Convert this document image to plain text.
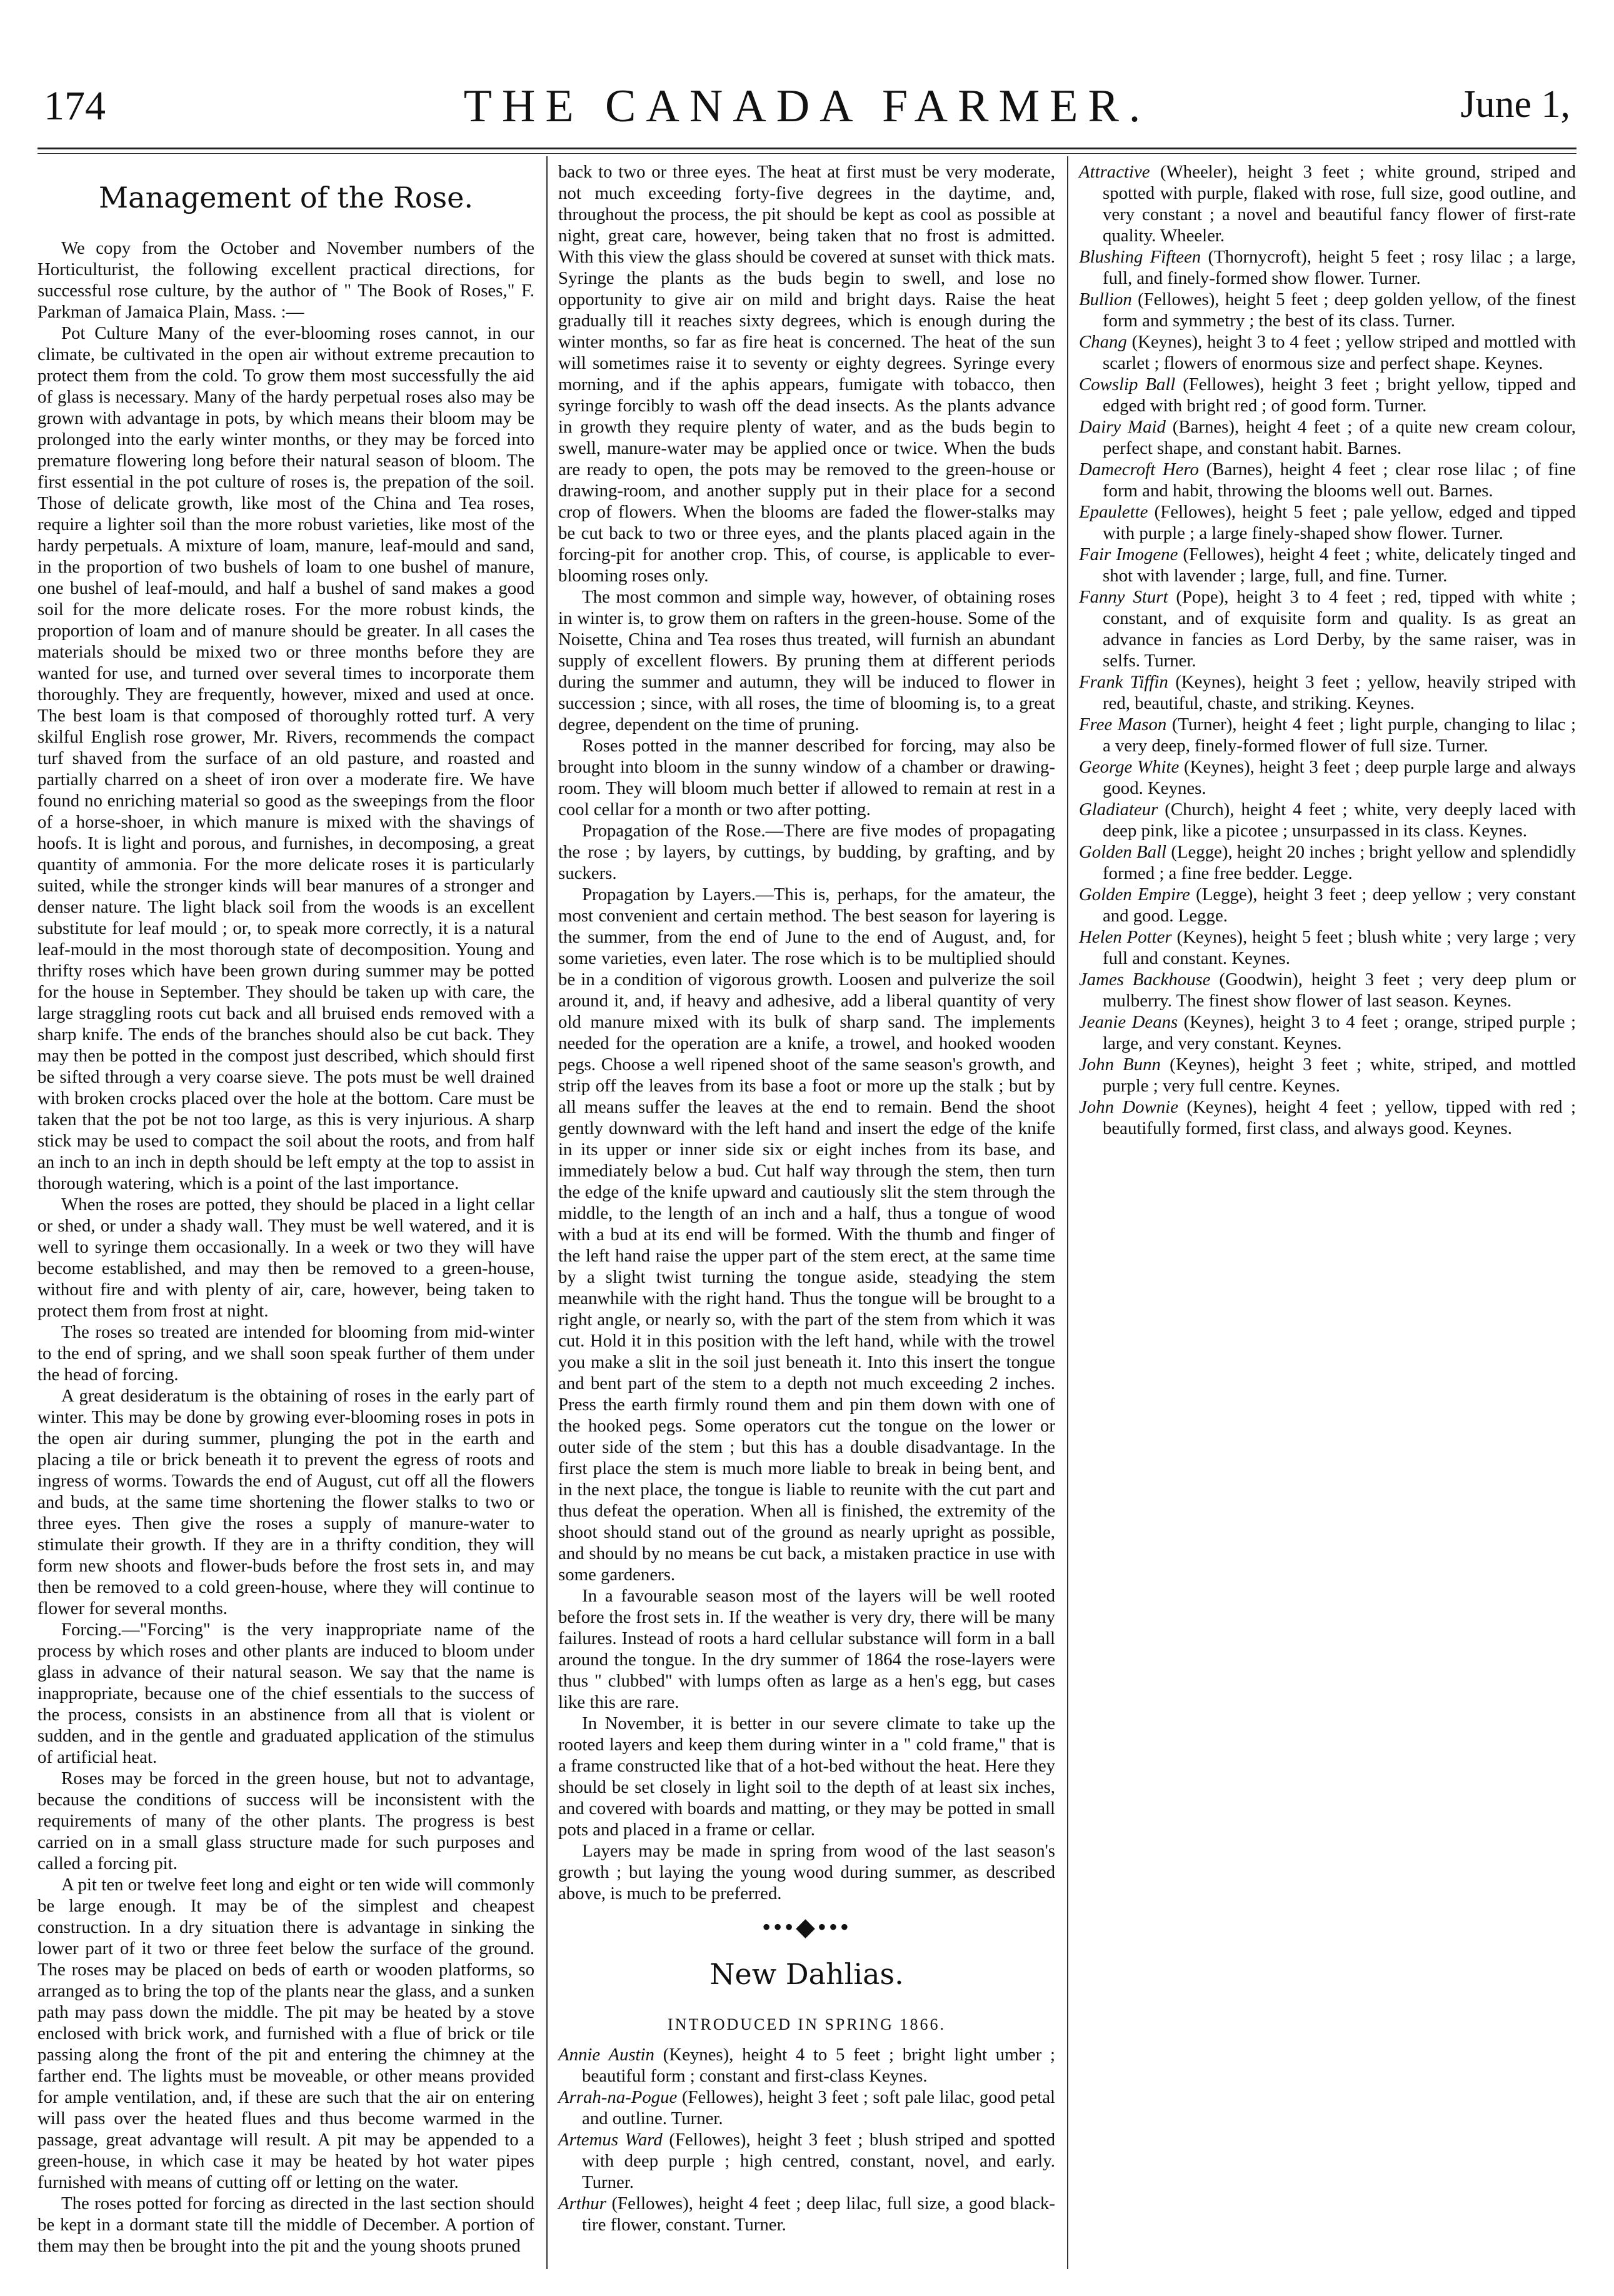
174	THE CANADA FARMER.	June 1,
Management of the Rose.

We copy from the October and November numbers of the Horticulturist, the following excellent practical directions, for successful rose culture, by the author of " The Book of Roses," F. Parkman of Jamaica Plain, Mass. :—

Pot Culture Many of the ever-blooming roses cannot, in our climate, be cultivated in the open air without extreme precaution to protect them from the cold. To grow them most successfully the aid of glass is necessary. Many of the hardy perpetual roses also may be grown with advantage in pots, by which means their bloom may be prolonged into the early winter months, or they may be forced into premature flowering long before their natural season of bloom. The first essential in the pot culture of roses is, the prepation of the soil. Those of delicate growth, like most of the China and Tea roses, require a lighter soil than the more robust varieties, like most of the hardy perpetuals. A mixture of loam, manure, leaf-mould and sand, in the proportion of two bushels of loam to one bushel of manure, one bushel of leaf-mould, and half a bushel of sand makes a good soil for the more delicate roses. For the more robust kinds, the proportion of loam and of manure should be greater. In all cases the materials should be mixed two or three months before they are wanted for use, and turned over several times to incorporate them thoroughly. They are frequently, however, mixed and used at once. The best loam is that composed of thoroughly rotted turf. A very skilful English rose grower, Mr. Rivers, recommends the compact turf shaved from the surface of an old pasture, and roasted and partially charred on a sheet of iron over a moderate fire. We have found no enriching material so good as the sweepings from the floor of a horse-shoer, in which manure is mixed with the shavings of hoofs. It is light and porous, and furnishes, in decomposing, a great quantity of ammonia. For the more delicate roses it is particularly suited, while the stronger kinds will bear manures of a stronger and denser nature. The light black soil from the woods is an excellent substitute for leaf mould ; or, to speak more correctly, it is a natural leaf-mould in the most thorough state of decomposition. Young and thrifty roses which have been grown during summer may be potted for the house in September. They should be taken up with care, the large straggling roots cut back and all bruised ends removed with a sharp knife. The ends of the branches should also be cut back. They may then be potted in the compost just described, which should first be sifted through a very coarse sieve. The pots must be well drained with broken crocks placed over the hole at the bottom. Care must be taken that the pot be not too large, as this is very injurious. A sharp stick may be used to compact the soil about the roots, and from half an inch to an inch in depth should be left empty at the top to assist in thorough watering, which is a point of the last importance.

When the roses are potted, they should be placed in a light cellar or shed, or under a shady wall. They must be well watered, and it is well to syringe them occasionally. In a week or two they will have become established, and may then be removed to a green-house, without fire and with plenty of air, care, however, being taken to protect them from frost at night.

The roses so treated are intended for blooming from mid-winter to the end of spring, and we shall soon speak further of them under the head of forcing.

A great desideratum is the obtaining of roses in the early part of winter. This may be done by growing ever-blooming roses in pots in the open air during summer, plunging the pot in the earth and placing a tile or brick beneath it to prevent the egress of roots and ingress of worms. Towards the end of August, cut off all the flowers and buds, at the same time shortening the flower stalks to two or three eyes. Then give the roses a supply of manure-water to stimulate their growth. If they are in a thrifty condition, they will form new shoots and flower-buds before the frost sets in, and may then be removed to a cold green-house, where they will continue to flower for several months.

Forcing.—"Forcing" is the very inappropriate name of the process by which roses and other plants are induced to bloom under glass in advance of their natural season. We say that the name is inappropriate, because one of the chief essentials to the success of the process, consists in an abstinence from all that is violent or sudden, and in the gentle and graduated application of the stimulus of artificial heat.

Roses may be forced in the green house, but not to advantage, because the conditions of success will be inconsistent with the requirements of many of the other plants. The progress is best carried on in a small glass structure made for such purposes and called a forcing pit.

A pit ten or twelve feet long and eight or ten wide will commonly be large enough. It may be of the simplest and cheapest construction. In a dry situation there is advantage in sinking the lower part of it two or three feet below the surface of the ground. The roses may be placed on beds of earth or wooden platforms, so arranged as to bring the top of the plants near the glass, and a sunken path may pass down the middle. The pit may be heated by a stove enclosed with brick work, and furnished with a flue of brick or tile passing along the front of the pit and entering the chimney at the farther end. The lights must be moveable, or other means provided for ample ventilation, and, if these are such that the air on entering will pass over the heated flues and thus become warmed in the passage, great advantage will result. A pit may be appended to a green-house, in which case it may be heated by hot water pipes furnished with means of cutting off or letting on the water.

The roses potted for forcing as directed in the last section should be kept in a dormant state till the middle of December. A portion of them may then be brought into the pit and the young shoots pruned

back to two or three eyes. The heat at first must be very moderate, not much exceeding forty-five degrees in the daytime, and, throughout the process, the pit should be kept as cool as possible at night, great care, however, being taken that no frost is admitted. With this view the glass should be covered at sunset with thick mats. Syringe the plants as the buds begin to swell, and lose no opportunity to give air on mild and bright days. Raise the heat gradually till it reaches sixty degrees, which is enough during the winter months, so far as fire heat is concerned. The heat of the sun will sometimes raise it to seventy or eighty degrees. Syringe every morning, and if the aphis appears, fumigate with tobacco, then syringe forcibly to wash off the dead insects. As the plants advance in growth they require plenty of water, and as the buds begin to swell, manure-water may be applied once or twice. When the buds are ready to open, the pots may be removed to the green-house or drawing-room, and another supply put in their place for a second crop of flowers. When the blooms are faded the flower-stalks may be cut back to two or three eyes, and the plants placed again in the forcing-pit for another crop. This, of course, is applicable to ever-blooming roses only.

The most common and simple way, however, of obtaining roses in winter is, to grow them on rafters in the green-house. Some of the Noisette, China and Tea roses thus treated, will furnish an abundant supply of excellent flowers. By pruning them at different periods during the summer and autumn, they will be induced to flower in succession ; since, with all roses, the time of blooming is, to a great degree, dependent on the time of pruning.

Roses potted in the manner described for forcing, may also be brought into bloom in the sunny window of a chamber or drawing-room. They will bloom much better if allowed to remain at rest in a cool cellar for a month or two after potting.

Propagation of the Rose.—There are five modes of propagating the rose ; by layers, by cuttings, by budding, by grafting, and by suckers.

Propagation by Layers.—This is, perhaps, for the amateur, the most convenient and certain method. The best season for layering is the summer, from the end of June to the end of August, and, for some varieties, even later. The rose which is to be multiplied should be in a condition of vigorous growth. Loosen and pulverize the soil around it, and, if heavy and adhesive, add a liberal quantity of very old manure mixed with its bulk of sharp sand. The implements needed for the operation are a knife, a trowel, and hooked wooden pegs. Choose a well ripened shoot of the same season's growth, and strip off the leaves from its base a foot or more up the stalk ; but by all means suffer the leaves at the end to remain. Bend the shoot gently downward with the left hand and insert the edge of the knife in its upper or inner side six or eight inches from its base, and immediately below a bud. Cut half way through the stem, then turn the edge of the knife upward and cautiously slit the stem through the middle, to the length of an inch and a half, thus a tongue of wood with a bud at its end will be formed. With the thumb and finger of the left hand raise the upper part of the stem erect, at the same time by a slight twist turning the tongue aside, steadying the stem meanwhile with the right hand. Thus the tongue will be brought to a right angle, or nearly so, with the part of the stem from which it was cut. Hold it in this position with the left hand, while with the trowel you make a slit in the soil just beneath it. Into this insert the tongue and bent part of the stem to a depth not much exceeding 2 inches. Press the earth firmly round them and pin them down with one of the hooked pegs. Some operators cut the tongue on the lower or outer side of the stem ; but this has a double disadvantage. In the first place the stem is much more liable to break in being bent, and in the next place, the tongue is liable to reunite with the cut part and thus defeat the operation. When all is finished, the extremity of the shoot should stand out of the ground as nearly upright as possible, and should by no means be cut back, a mistaken practice in use with some gardeners.

In a favourable season most of the layers will be well rooted before the frost sets in. If the weather is very dry, there will be many failures. Instead of roots a hard cellular substance will form in a ball around the tongue. In the dry summer of 1864 the rose-layers were thus " clubbed" with lumps often as large as a hen's egg, but cases like this are rare.

In November, it is better in our severe climate to take up the rooted layers and keep them during winter in a " cold frame," that is a frame constructed like that of a hot-bed without the heat. Here they should be set closely in light soil to the depth of at least six inches, and covered with boards and matting, or they may be potted in small pots and placed in a frame or cellar.

Layers may be made in spring from wood of the last season's growth ; but laying the young wood during summer, as described above, is much to be preferred.

•••◆•••
New Dahlias.
INTRODUCED IN SPRING 1866.

Annie Austin (Keynes), height 4 to 5 feet ; bright light umber ; beautiful form ; constant and first-class Keynes.

Arrah-na-Pogue (Fellowes), height 3 feet ; soft pale lilac, good petal and outline. Turner.

Artemus Ward (Fellowes), height 3 feet ; blush striped and spotted with deep purple ; high centred, constant, novel, and early. Turner.

Arthur (Fellowes), height 4 feet ; deep lilac, full size, a good black-tire flower, constant. Turner.

Attractive (Wheeler), height 3 feet ; white ground, striped and spotted with purple, flaked with rose, full size, good outline, and very constant ; a novel and beautiful fancy flower of first-rate quality. Wheeler.

Blushing Fifteen (Thornycroft), height 5 feet ; rosy lilac ; a large, full, and finely-formed show flower. Turner.

Bullion (Fellowes), height 5 feet ; deep golden yellow, of the finest form and symmetry ; the best of its class. Turner.

Chang (Keynes), height 3 to 4 feet ; yellow striped and mottled with scarlet ; flowers of enormous size and perfect shape. Keynes.

Cowslip Ball (Fellowes), height 3 feet ; bright yellow, tipped and edged with bright red ; of good form. Turner.

Dairy Maid (Barnes), height 4 feet ; of a quite new cream colour, perfect shape, and constant habit. Barnes.

Damecroft Hero (Barnes), height 4 feet ; clear rose lilac ; of fine form and habit, throwing the blooms well out. Barnes.

Epaulette (Fellowes), height 5 feet ; pale yellow, edged and tipped with purple ; a large finely-shaped show flower. Turner.

Fair Imogene (Fellowes), height 4 feet ; white, delicately tinged and shot with lavender ; large, full, and fine. Turner.

Fanny Sturt (Pope), height 3 to 4 feet ; red, tipped with white ; constant, and of exquisite form and quality. Is as great an advance in fancies as Lord Derby, by the same raiser, was in selfs. Turner.

Frank Tiffin (Keynes), height 3 feet ; yellow, heavily striped with red, beautiful, chaste, and striking. Keynes.

Free Mason (Turner), height 4 feet ; light purple, changing to lilac ; a very deep, finely-formed flower of full size. Turner.

George White (Keynes), height 3 feet ; deep purple large and always good. Keynes.

Gladiateur (Church), height 4 feet ; white, very deeply laced with deep pink, like a picotee ; unsurpassed in its class. Keynes.

Golden Ball (Legge), height 20 inches ; bright yellow and splendidly formed ; a fine free bedder. Legge.

Golden Empire (Legge), height 3 feet ; deep yellow ; very constant and good. Legge.

Helen Potter (Keynes), height 5 feet ; blush white ; very large ; very full and constant. Keynes.

James Backhouse (Goodwin), height 3 feet ; very deep plum or mulberry. The finest show flower of last season. Keynes.

Jeanie Deans (Keynes), height 3 to 4 feet ; orange, striped purple ; large, and very constant. Keynes.

John Bunn (Keynes), height 3 feet ; white, striped, and mottled purple ; very full centre. Keynes.

John Downie (Keynes), height 4 feet ; yellow, tipped with red ; beautifully formed, first class, and always good. Keynes.
